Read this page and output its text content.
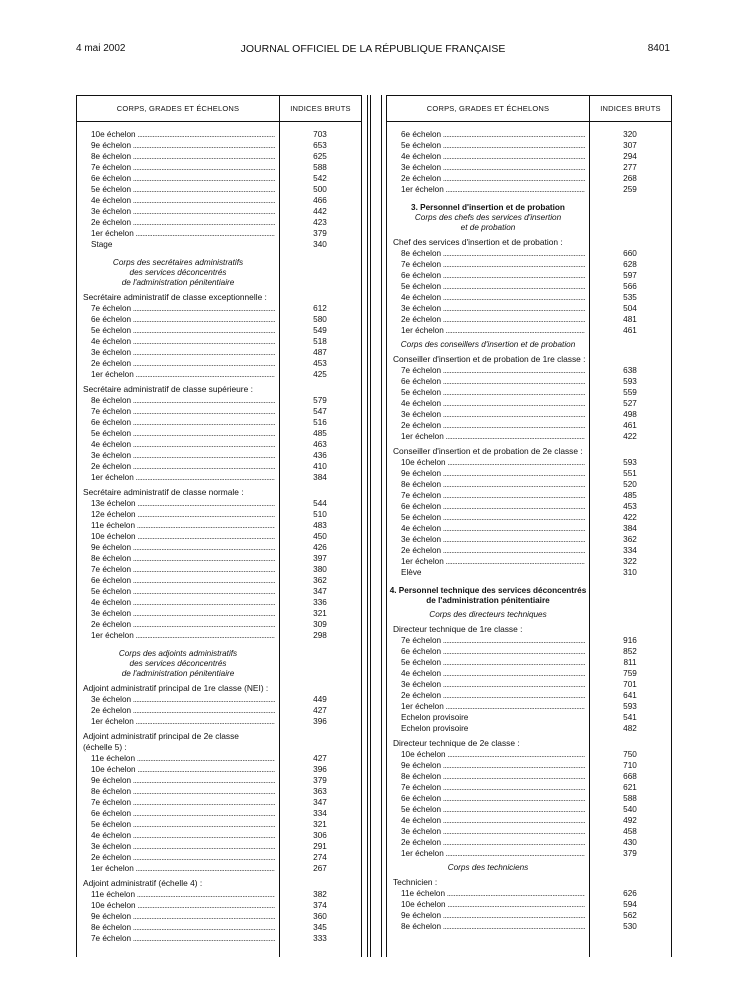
4 mai 2002	JOURNAL OFFICIEL DE LA RÉPUBLIQUE FRANÇAISE	8401
CORPS, GRADES ET ÉCHELONS	INDICES BRUTS
10e échelon .....	703
9e échelon .....	653
8e échelon .....	625
7e échelon .....	588
6e échelon .....	542
5e échelon .....	500
4e échelon .....	466
3e échelon .....	442
2e échelon .....	423
1er échelon .....	379
Stage	340
Corps des secrétaires administratifs
des services déconcentrés
de l'administration pénitentiaire
Secrétaire administratif de classe exceptionnelle :
7e échelon .....	612
6e échelon .....	580
5e échelon .....	549
4e échelon .....	518
3e échelon .....	487
2e échelon .....	453
1er échelon .....	425
Secrétaire administratif de classe supérieure :
8e échelon .....	579
7e échelon .....	547
6e échelon .....	516
5e échelon .....	485
4e échelon .....	463
3e échelon .....	436
2e échelon .....	410
1er échelon .....	384
Secrétaire administratif de classe normale :
13e échelon .....	544
12e échelon .....	510
11e échelon .....	483
10e échelon .....	450
9e échelon .....	426
8e échelon .....	397
7e échelon .....	380
6e échelon .....	362
5e échelon .....	347
4e échelon .....	336
3e échelon .....	321
2e échelon .....	309
1er échelon .....	298
Corps des adjoints administratifs
des services déconcentrés
de l'administration pénitentiaire
Adjoint administratif principal de 1re classe (NEI) :
3e échelon .....	449
2e échelon .....	427
1er échelon .....	396
Adjoint administratif principal de 2e classe
(échelle 5) :
11e échelon .....	427
10e échelon .....	396
9e échelon .....	379
8e échelon .....	363
7e échelon .....	347
6e échelon .....	334
5e échelon .....	321
4e échelon .....	306
3e échelon .....	291
2e échelon .....	274
1er échelon .....	267
Adjoint administratif (échelle 4) :
11e échelon .....	382
10e échelon .....	374
9e échelon .....	360
8e échelon .....	345
7e échelon .....	333
CORPS, GRADES ET ÉCHELONS	INDICES BRUTS
6e échelon .....	320
5e échelon .....	307
4e échelon .....	294
3e échelon .....	277
2e échelon .....	268
1er échelon .....	259
3. Personnel d'insertion et de probation
Corps des chefs des services d'insertion
et de probation
Chef des services d'insertion et de probation :
8e échelon .....	660
7e échelon .....	628
6e échelon .....	597
5e échelon .....	566
4e échelon .....	535
3e échelon .....	504
2e échelon .....	481
1er échelon .....	461
Corps des conseillers d'insertion et de probation
Conseiller d'insertion et de probation de 1re classe :
7e échelon .....	638
6e échelon .....	593
5e échelon .....	559
4e échelon .....	527
3e échelon .....	498
2e échelon .....	461
1er échelon .....	422
Conseiller d'insertion et de probation de 2e classe :
10e échelon .....	593
9e échelon .....	551
8e échelon .....	520
7e échelon .....	485
6e échelon .....	453
5e échelon .....	422
4e échelon .....	384
3e échelon .....	362
2e échelon .....	334
1er échelon .....	322
Elève	310
4. Personnel technique des services déconcentrés
de l'administration pénitentiaire
Corps des directeurs techniques
Directeur technique de 1re classe :
7e échelon .....	916
6e échelon .....	852
5e échelon .....	811
4e échelon .....	759
3e échelon .....	701
2e échelon .....	641
1er échelon .....	593
Echelon provisoire	541
Echelon provisoire	482
Directeur technique de 2e classe :
10e échelon .....	750
9e échelon .....	710
8e échelon .....	668
7e échelon .....	621
6e échelon .....	588
5e échelon .....	540
4e échelon .....	492
3e échelon .....	458
2e échelon .....	430
1er échelon .....	379
Corps des techniciens
Technicien :
11e échelon .....	626
10e échelon .....	594
9e échelon .....	562
8e échelon .....	530
